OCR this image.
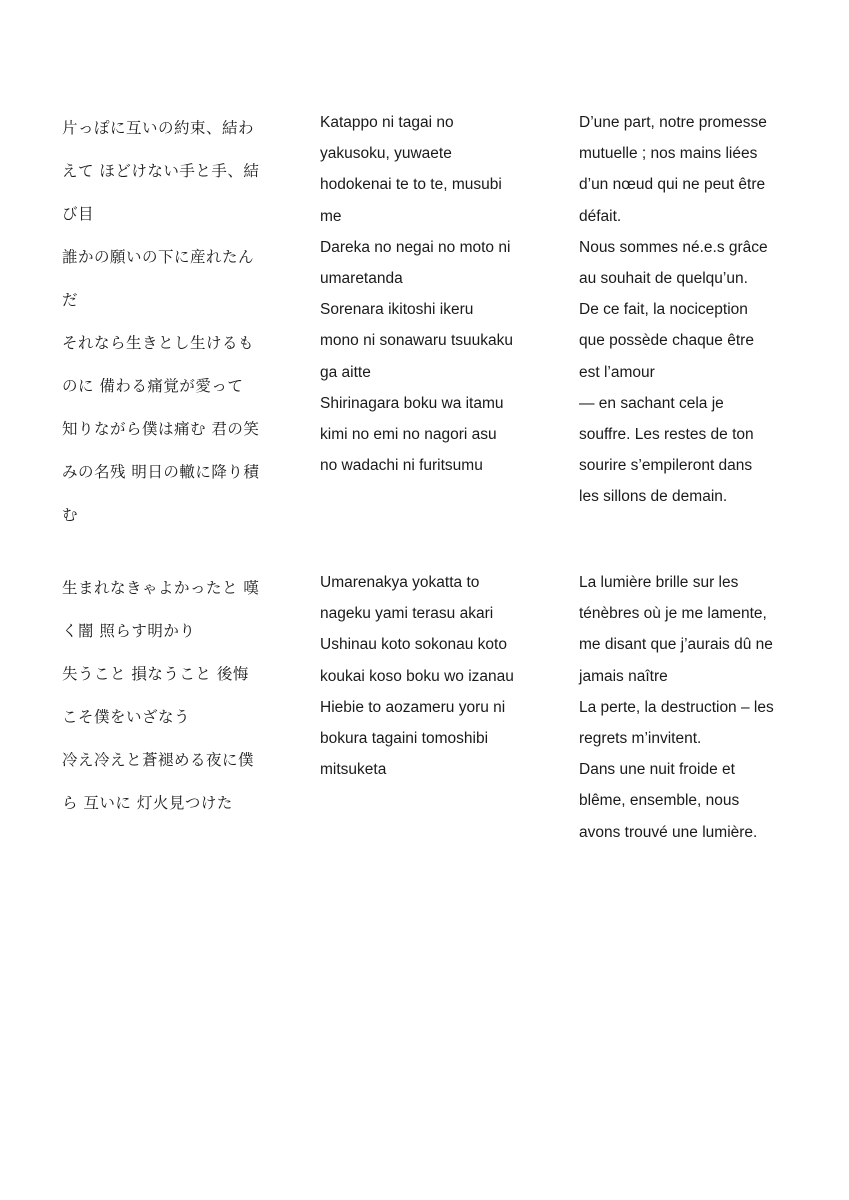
片っぽに互いの約束、結わ
えて ほどけない手と手、結
び目
誰かの願いの下に産れたん
だ
それなら生きとし生けるも
のに 備わる痛覚が愛って
知りながら僕は痛む 君の笑
みの名残 明日の轍に降り積
む
Katappo ni tagai no
yakusoku, yuwaete
hodokenai te to te, musubi
me
Dareka no negai no moto ni
umaretanda
Sorenara ikitoshi ikeru
mono ni sonawaru tsuukaku
ga aitte
Shirinagara boku wa itamu
kimi no emi no nagori asu
no wadachi ni furitsumu
D’une part, notre promesse
mutuelle ; nos mains liées
d’un nœud qui ne peut être
défait.
Nous sommes né.e.s grâce
au souhait de quelqu’un.
De ce fait, la nociception
que possède chaque être
est l’amour
— en sachant cela je
souffre. Les restes de ton
sourire s’empileront dans
les sillons de demain.
生まれなきゃよかったと 嘆
く闇 照らす明かり
失うこと 損なうこと 後悔
こそ僕をいざなう
冷え冷えと蒼褪める夜に僕
ら 互いに 灯火見つけた
Umarenakya yokatta to
nageku yami terasu akari
Ushinau koto sokonau koto
koukai koso boku wo izanau
Hiebie to aozameru yoru ni
bokura tagaini tomoshibi
mitsuketa
La lumière brille sur les
ténèbres où je me lamente,
me disant que j’aurais dû ne
jamais naître
La perte, la destruction – les
regrets m’invitent.
Dans une nuit froide et
blême, ensemble, nous
avons trouvé une lumière.
